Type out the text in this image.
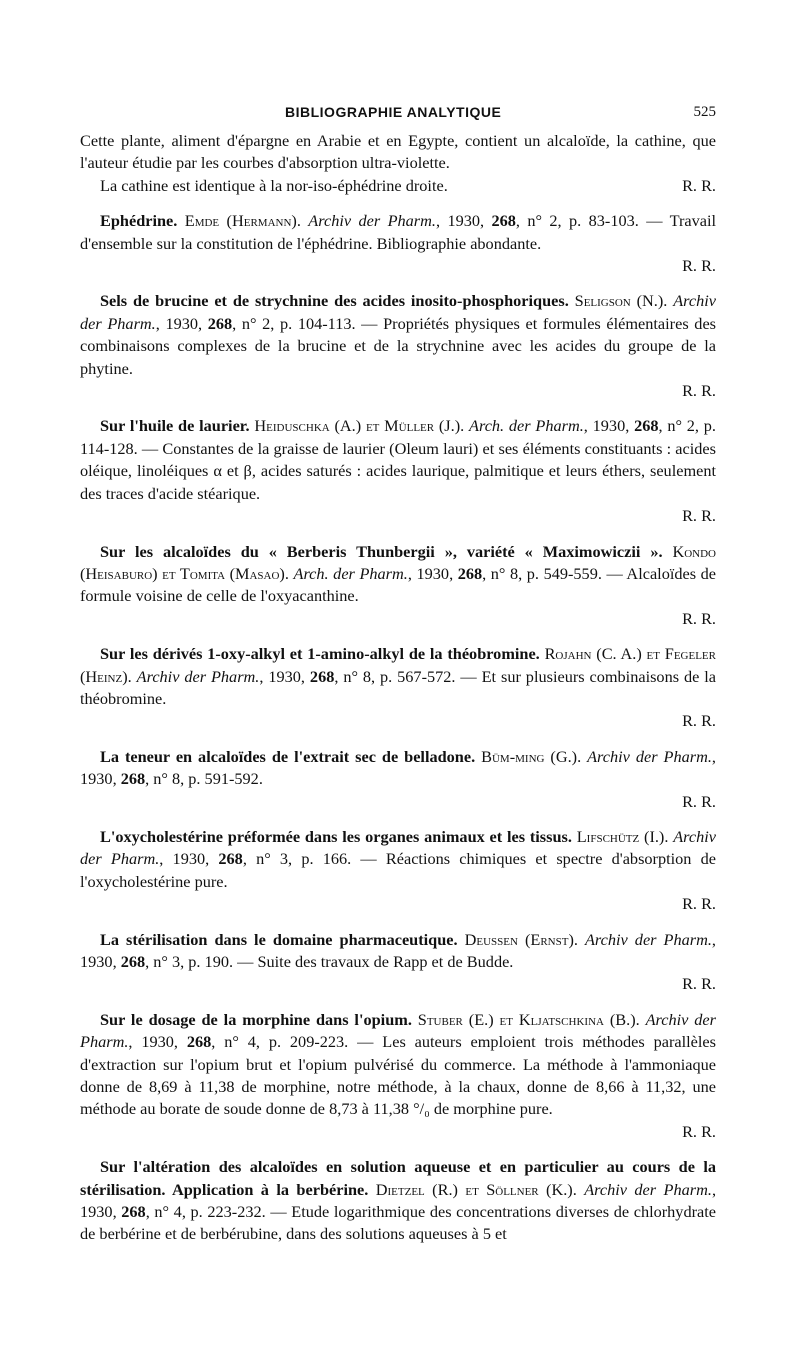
BIBLIOGRAPHIE ANALYTIQUE	525

Cette plante, aliment d'épargne en Arabie et en Egypte, contient un alcaloïde, la cathine, que l'auteur étudie par les courbes d'absorption ultra-violette.

R. R.
La cathine est identique à la nor-iso-éphédrine droite.

Ephédrine. Emde (Hermann). Archiv der Pharm., 1930, 268, n° 2, p. 83-103. — Travail d'ensemble sur la constitution de l'éphédrine. Bibliographie abondante.

R. R.

Sels de brucine et de strychnine des acides inosito-phosphoriques. Seligson (N.). Archiv der Pharm., 1930, 268, n° 2, p. 104-113. — Propriétés physiques et formules élémentaires des combinaisons complexes de la brucine et de la strychnine avec les acides du groupe de la phytine.

R. R.

Sur l'huile de laurier. Heiduschka (A.) et Müller (J.). Arch. der Pharm., 1930, 268, n° 2, p. 114-128. — Constantes de la graisse de laurier (Oleum lauri) et ses éléments constituants : acides oléique, linoléiques α et β, acides saturés : acides laurique, palmitique et leurs éthers, seulement des traces d'acide stéarique.

R. R.

Sur les alcaloïdes du « Berberis Thunbergii », variété « Maximowiczii ». Kondo (Heisaburo) et Tomita (Masao). Arch. der Pharm., 1930, 268, n° 8, p. 549-559. — Alcaloïdes de formule voisine de celle de l'oxyacanthine.

R. R.

Sur les dérivés 1-oxy-alkyl et 1-amino-alkyl de la théobromine. Rojahn (C. A.) et Fegeler (Heinz). Archiv der Pharm., 1930, 268, n° 8, p. 567-572. — Et sur plusieurs combinaisons de la théobromine.

R. R.

La teneur en alcaloïdes de l'extrait sec de belladone. Büm-ming (G.). Archiv der Pharm., 1930, 268, n° 8, p. 591-592.

R. R.

L'oxycholestérine préformée dans les organes animaux et les tissus. Lifschütz (I.). Archiv der Pharm., 1930, 268, n° 3, p. 166. — Réactions chimiques et spectre d'absorption de l'oxycholestérine pure.

R. R.

La stérilisation dans le domaine pharmaceutique. Deussen (Ernst). Archiv der Pharm., 1930, 268, n° 3, p. 190. — Suite des travaux de Rapp et de Budde.

R. R.

Sur le dosage de la morphine dans l'opium. Stuber (E.) et Kljatschkina (B.). Archiv der Pharm., 1930, 268, n° 4, p. 209-223. — Les auteurs emploient trois méthodes parallèles d'extraction sur l'opium brut et l'opium pulvérisé du commerce. La méthode à l'ammoniaque donne de 8,69 à 11,38 de morphine, notre méthode, à la chaux, donne de 8,66 à 11,32, une méthode au borate de soude donne de 8,73 à 11,38 °/₀ de morphine pure.

R. R.

Sur l'altération des alcaloïdes en solution aqueuse et en particulier au cours de la stérilisation. Application à la berbérine. Dietzel (R.) et Söllner (K.). Archiv der Pharm., 1930, 268, n° 4, p. 223-232. — Etude logarithmique des concentrations diverses de chlorhydrate de berbérine et de berbérubine, dans des solutions aqueuses à 5 et
